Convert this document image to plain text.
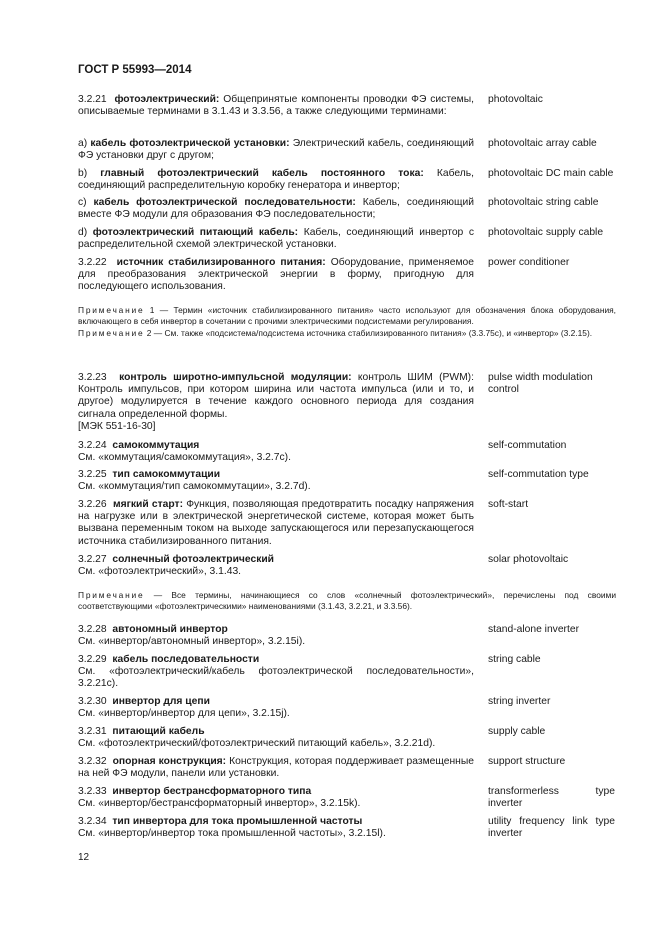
ГОСТ Р 55993—2014

3.2.21 фотоэлектрический: Общепринятые компоненты проводки ФЭ системы, описываемые терминами в 3.1.43 и 3.3.56, а также следующими терминами:

photovoltaic

a) кабель фотоэлектрической установки: Электрический кабель, соединяющий ФЭ установки друг с другом;

photovoltaic array cable

b) главный фотоэлектрический кабель постоянного тока: Кабель, соединяющий распределительную коробку генератора и инвертор;

photovoltaic DC main cable

c) кабель фотоэлектрической последовательности: Кабель, соединяющий вместе ФЭ модули для образования ФЭ последовательности;

photovoltaic string cable

d) фотоэлектрический питающий кабель: Кабель, соединяющий инвертор с распределительной схемой электрической установки.

photovoltaic supply cable

3.2.22 источник стабилизированного питания: Оборудование, применяемое для преобразования электрической энергии в форму, пригодную для последующего использования.

power conditioner

Примечание 1 — Термин «источник стабилизированного питания» часто используют для обозначения блока оборудования, включающего в себя инвертор в сочетании с прочими электрическими подсистемами регулирования.

Примечание 2 — См. также «подсистема/подсистема источника стабилизированного питания» (3.3.75с), и «инвертор» (3.2.15).

3.2.23 контроль широтно-импульсной модуляции: контроль ШИМ (PWM): Контроль импульсов, при котором ширина или частота импульса (или и то, и другое) модулируется в течение каждого основного периода для создания сигнала определенной формы.
[МЭК 551-16-30]

pulse width modulation control

3.2.24 самокоммутация
См. «коммутация/самокоммутация», 3.2.7с).

self-commutation

3.2.25 тип самокоммутации
См. «коммутация/тип самокоммутации», 3.2.7d).

self-commutation type

3.2.26 мягкий старт: Функция, позволяющая предотвратить посадку напряжения на нагрузке или в электрической энергетической системе, которая может быть вызвана переменным током на выходе запускающегося или перезапускающегося источника стабилизированного питания.

soft-start

3.2.27 солнечный фотоэлектрический
См. «фотоэлектрический», 3.1.43.

solar photovoltaic

Примечание — Все термины, начинающиеся со слов «солнечный фотоэлектрический», перечислены под своими соответствующими «фотоэлектрическими» наименованиями (3.1.43, 3.2.21, и 3.3.56).

3.2.28 автономный инвертор
См. «инвертор/автономный инвертор», 3.2.15i).

stand-alone inverter

3.2.29 кабель последовательности
См. «фотоэлектрический/кабель фотоэлектрической последовательности», 3.2.21с).

string cable

3.2.30 инвертор для цепи
См. «инвертор/инвертор для цепи», 3.2.15j).

string inverter

3.2.31 питающий кабель
См. «фотоэлектрический/фотоэлектрический питающий кабель», 3.2.21d).

supply cable

3.2.32 опорная конструкция: Конструкция, которая поддерживает размещенные на ней ФЭ модули, панели или установки.

support structure

3.2.33 инвертор бестрансформаторного типа
См. «инвертор/бестрансформаторный инвертор», 3.2.15k).

transformerless type inverter

3.2.34 тип инвертора для тока промышленной частоты
См. «инвертор/инвертор тока промышленной частоты», 3.2.15l).

utility frequency link type inverter

12
